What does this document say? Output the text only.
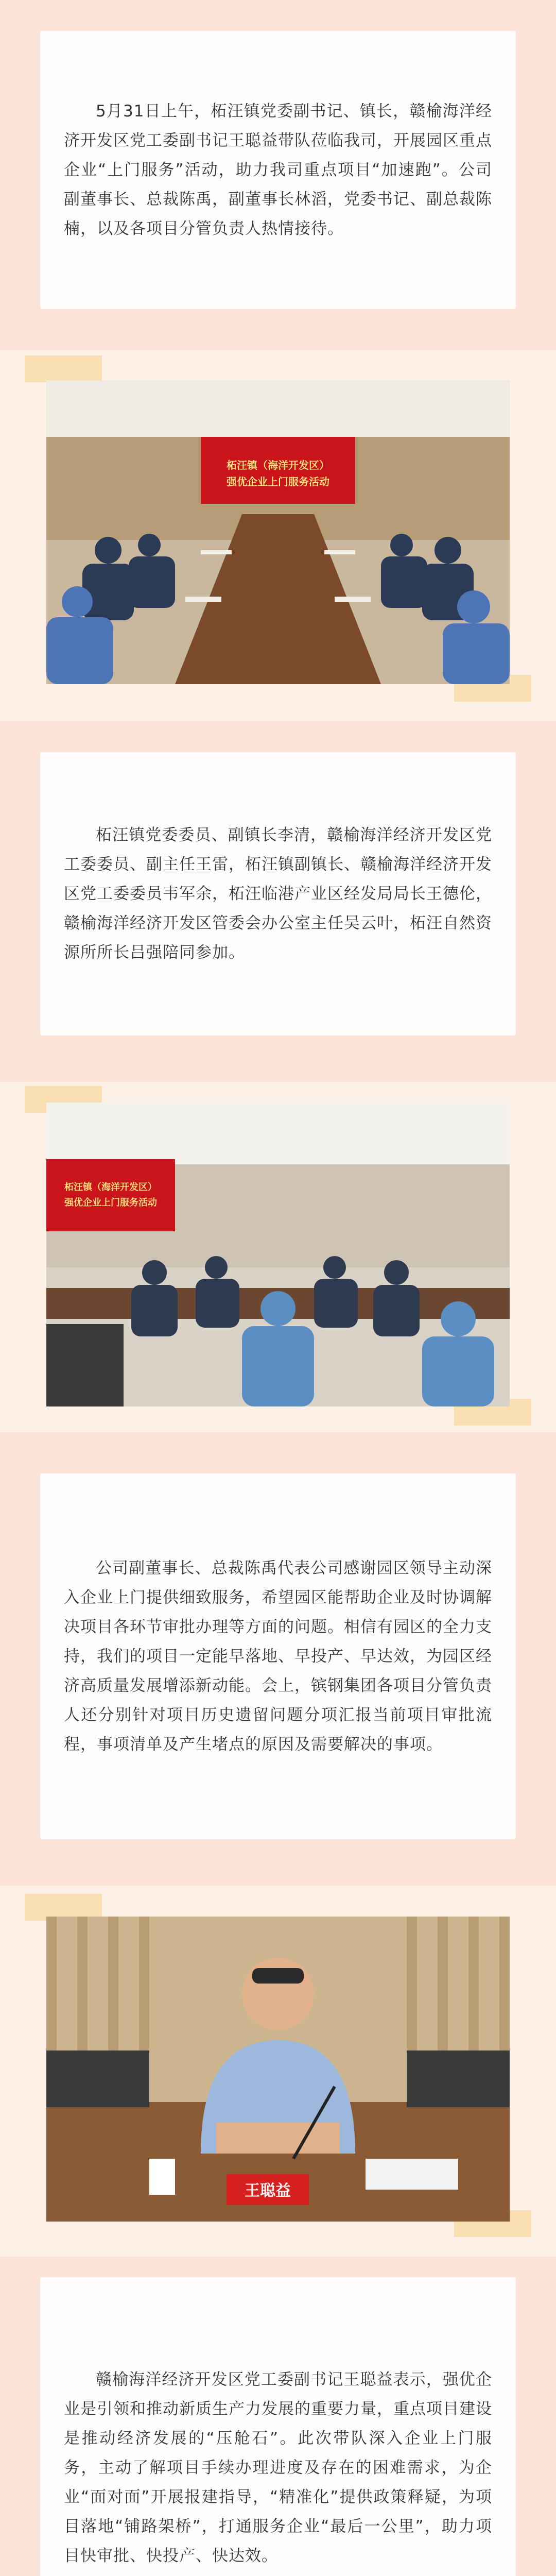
5月31日上午，柘汪镇党委副书记、镇长，赣榆海洋经济开发区党工委副书记王聪益带队莅临我司，开展园区重点企业“上门服务”活动，助力我司重点项目“加速跑”。公司副董事长、总裁陈禹，副董事长林滔，党委书记、副总裁陈楠，以及各项目分管负责人热情接待。

柘汪镇（海洋开发区）
强优企业上门服务活动

柘汪镇党委委员、副镇长李清，赣榆海洋经济开发区党工委委员、副主任王雷，柘汪镇副镇长、赣榆海洋经济开发区党工委委员韦军余，柘汪临港产业区经发局局长王德伦，赣榆海洋经济开发区管委会办公室主任吴云叶，柘汪自然资源所所长吕强陪同参加。

柘汪镇（海洋开发区）
强优企业上门服务活动

公司副董事长、总裁陈禹代表公司感谢园区领导主动深入企业上门提供细致服务，希望园区能帮助企业及时协调解决项目各环节审批办理等方面的问题。相信有园区的全力支持，我们的项目一定能早落地、早投产、早达效，为园区经济高质量发展增添新动能。会上，镔钢集团各项目分管负责人还分别针对项目历史遗留问题分项汇报当前项目审批流程，事项清单及产生堵点的原因及需要解决的事项。

王聪益

赣榆海洋经济开发区党工委副书记王聪益表示，强优企业是引领和推动新质生产力发展的重要力量，重点项目建设是推动经济发展的“压舱石”。此次带队深入企业上门服务，主动了解项目手续办理进度及存在的困难需求，为企业“面对面”开展报建指导，“精准化”提供政策释疑，为项目落地“铺路架桥”，打通服务企业“最后一公里”，助力项目快审批、快投产、快达效。
